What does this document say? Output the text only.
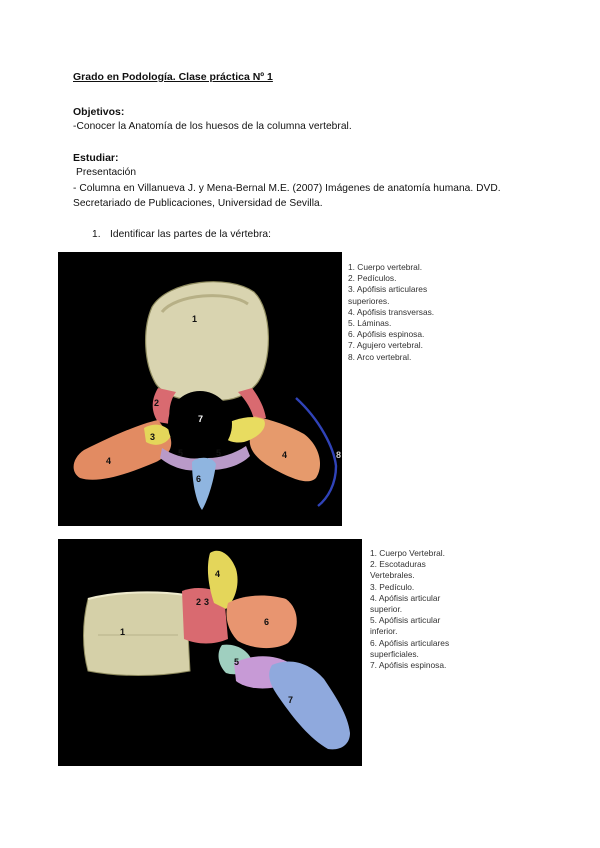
Grado en Podología. Clase práctica Nº 1
Objetivos:
-Conocer la Anatomía de los huesos de la columna vertebral.
Estudiar:
Presentación
- Columna en Villanueva J. y Mena-Bernal M.E. (2007) Imágenes de anatomía humana. DVD.
Secretariado de Publicaciones, Universidad de Sevilla.
1. Identificar las partes de la vértebra:
1
2
3
4
5	5
6
7
4	8
1. Cuerpo vertebral.
2. Pedículos.
3. Apófisis articulares
superiores.
4. Apófisis transversas.
5. Láminas.
6. Apófisis espinosa.
7. Agujero vertebral.
8. Arco vertebral.
1
2 3
4
5
6
7
1. Cuerpo Vertebral.
2. Escotaduras
Vertebrales.
3. Pedículo.
4. Apófisis articular
superior.
5. Apófisis articular
inferior.
6. Apófisis articulares
superficiales.
7. Apófisis espinosa.
